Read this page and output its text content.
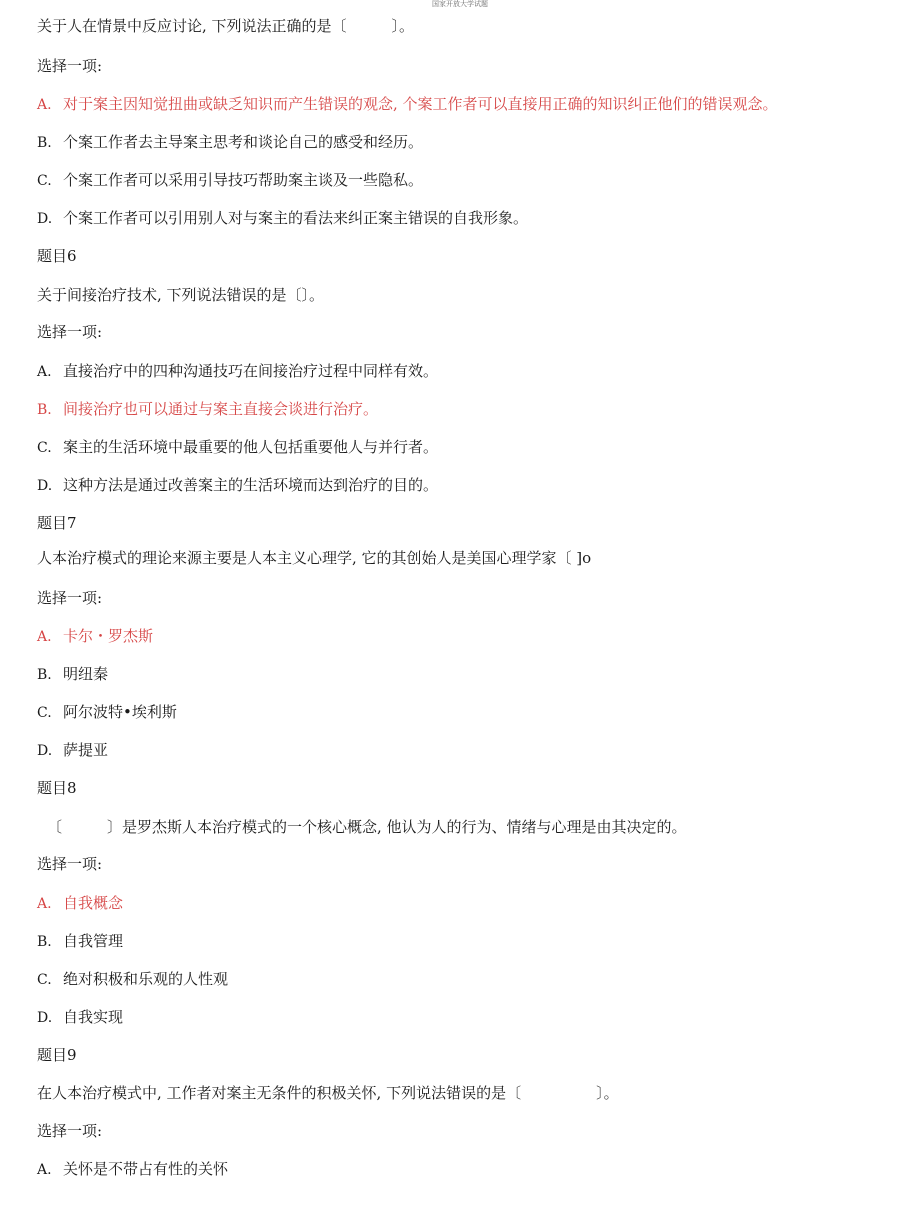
国家开放大学试题
关于人在情景中反应讨论, 下列说法正确的是〔　　　〕。
选择一项:
A. 对于案主因知觉扭曲或缺乏知识而产生错误的观念, 个案工作者可以直接用正确的知识纠正他们的错误观念。
B. 个案工作者去主导案主思考和谈论自己的感受和经历。
C. 个案工作者可以采用引导技巧帮助案主谈及一些隐私。
D. 个案工作者可以引用别人对与案主的看法来纠正案主错误的自我形象。
题目6
关于间接治疗技术, 下列说法错误的是〔〕。
选择一项:
A. 直接治疗中的四种沟通技巧在间接治疗过程中同样有效。
B. 间接治疗也可以通过与案主直接会谈进行治疗。
C. 案主的生活环境中最重要的他人包括重要他人与并行者。
D. 这种方法是通过改善案主的生活环境而达到治疗的目的。
题目7
人本治疗模式的理论来源主要是人本主义心理学, 它的其创始人是美国心理学家〔 ]o
选择一项:
A. 卡尔・罗杰斯
B. 明纽秦
C. 阿尔波特•埃利斯
D. 萨提亚
题目8
〔　　　〕是罗杰斯人本治疗模式的一个核心概念, 他认为人的行为、情绪与心理是由其决定的。
选择一项:
A. 自我概念
B. 自我管理
C. 绝对积极和乐观的人性观
D. 自我实现
题目9
在人本治疗模式中, 工作者对案主无条件的积极关怀, 下列说法错误的是〔　　　　　〕。
选择一项:
A. 关怀是不带占有性的关怀
